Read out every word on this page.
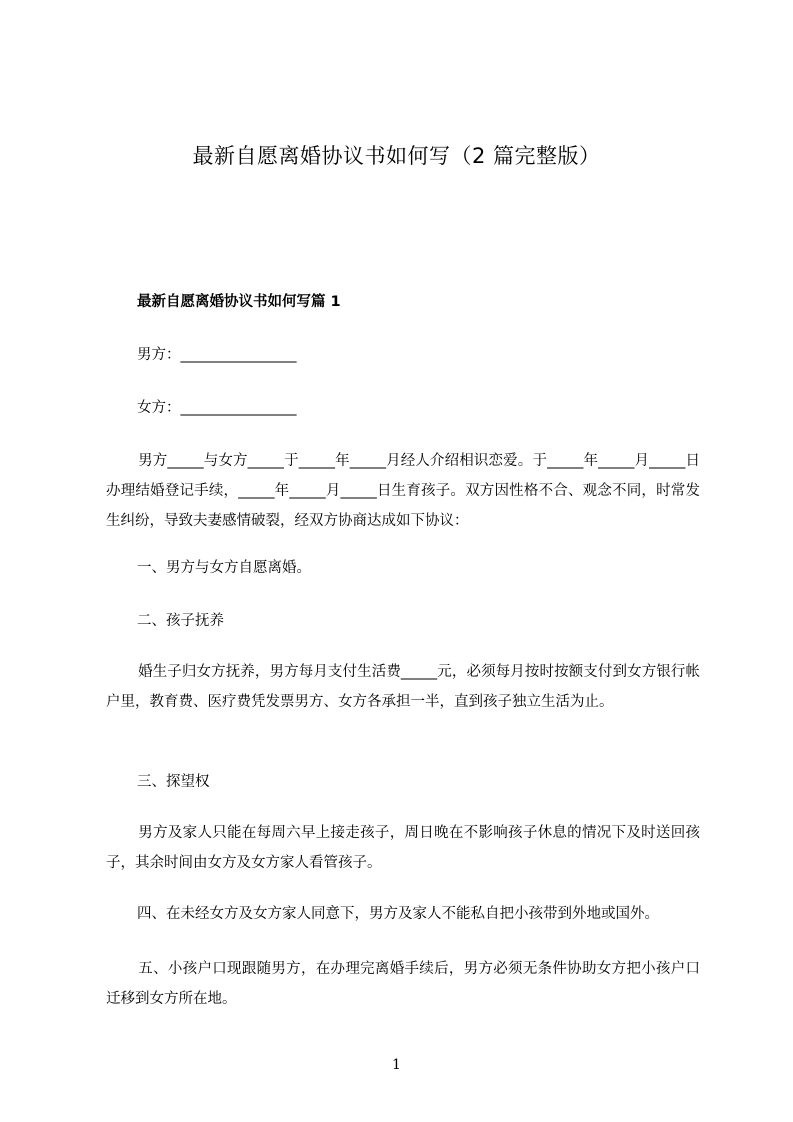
最新自愿离婚协议书如何写（2 篇完整版）
最新自愿离婚协议书如何写篇 1
男方：________________
女方：________________
男方_____与女方_____于_____年_____月经人介绍相识恋爱。于_____年_____月_____日办理结婚登记手续，_____年_____月_____日生育孩子。双方因性格不合、观念不同，时常发生纠纷，导致夫妻感情破裂，经双方协商达成如下协议：
一、男方与女方自愿离婚。
二、孩子抚养
婚生子归女方抚养，男方每月支付生活费_____元，必须每月按时按额支付到女方银行帐户里，教育费、医疗费凭发票男方、女方各承担一半，直到孩子独立生活为止。
三、探望权
男方及家人只能在每周六早上接走孩子，周日晚在不影响孩子休息的情况下及时送回孩子，其余时间由女方及女方家人看管孩子。
四、在未经女方及女方家人同意下，男方及家人不能私自把小孩带到外地或国外。
五、小孩户口现跟随男方，在办理完离婚手续后，男方必须无条件协助女方把小孩户口迁移到女方所在地。
1
